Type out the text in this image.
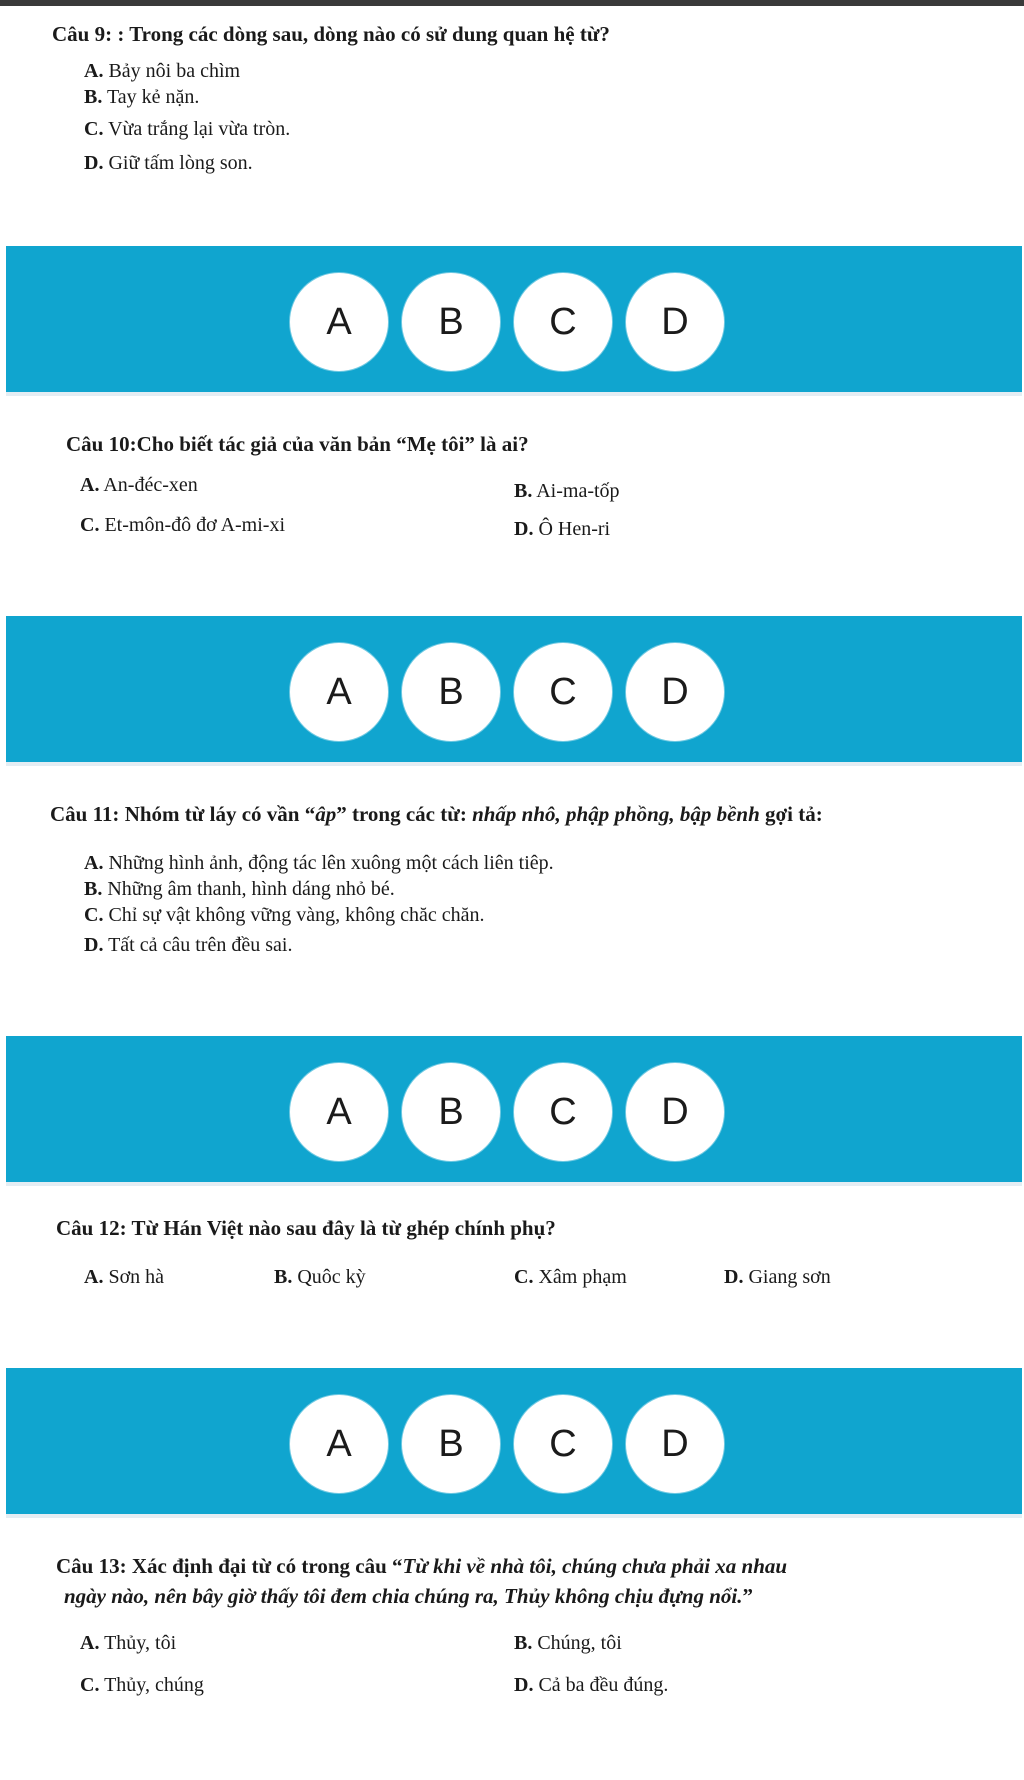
Câu 9: : Trong các dòng sau, dòng nào có sử dung quan hệ từ?
A. Bảy nôi ba chìm
B. Tay kẻ nặn.
C. Vừa trắng lại vừa tròn.
D. Giữ tấm lòng son.
A	B	C	D
Câu 10:Cho biết tác giả của văn bản “Mẹ tôi” là ai?
A. An-đéc-xen	B. Ai-ma-tốp
C. Et-môn-đô đơ A-mi-xi	D. Ô Hen-ri
A	B	C	D
Câu 11: Nhóm từ láy có vần “âp” trong các từ: nhấp nhô, phập phồng, bập bềnh gợi tả:
A. Những hình ảnh, động tác lên xuông một cách liên tiêp.
B. Những âm thanh, hình dáng nhỏ bé.
C. Chỉ sự vật không vững vàng, không chăc chăn.
D. Tất cả câu trên đều sai.
A	B	C	D
Câu 12: Từ Hán Việt nào sau đây là từ ghép chính phụ?
A. Sơn hà	B. Quôc kỳ	C. Xâm phạm	D. Giang sơn
A	B	C	D
Câu 13: Xác định đại từ có trong câu “Từ khi về nhà tôi, chúng chưa phải xa nhau
ngày nào, nên bây giờ thấy tôi đem chia chúng ra, Thủy không chịu đựng nổi.”
A. Thủy, tôi	B. Chúng, tôi
C. Thủy, chúng	D. Cả ba đều đúng.
